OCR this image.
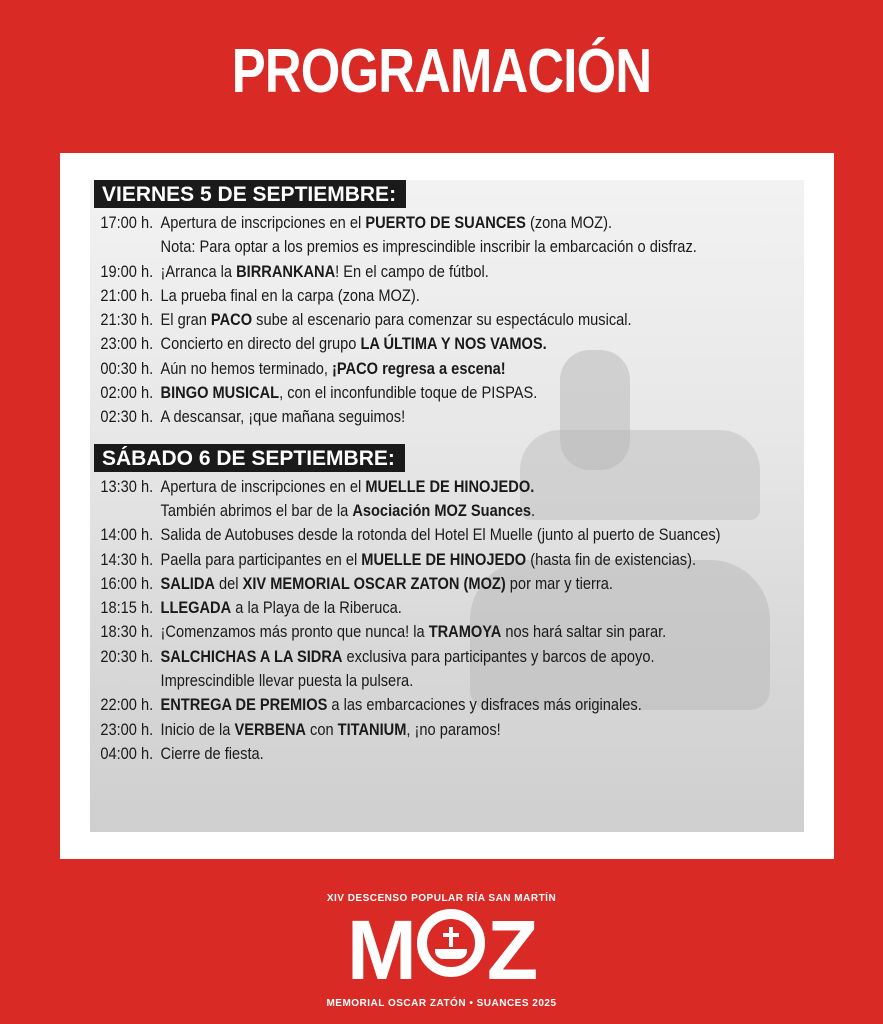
PROGRAMACIÓN
VIERNES 5 DE SEPTIEMBRE:
17:00 h. Apertura de inscripciones en el PUERTO DE SUANCES (zona MOZ).
Nota: Para optar a los premios es imprescindible inscribir la embarcación o disfraz.
19:00 h. ¡Arranca la BIRRANKANA! En el campo de fútbol.
21:00 h. La prueba final en la carpa (zona MOZ).
21:30 h. El gran PACO sube al escenario para comenzar su espectáculo musical.
23:00 h. Concierto en directo del grupo LA ÚLTIMA Y NOS VAMOS.
00:30 h. Aún no hemos terminado, ¡PACO regresa a escena!
02:00 h. BINGO MUSICAL, con el inconfundible toque de PISPAS.
02:30 h. A descansar, ¡que mañana seguimos!
SÁBADO 6 DE SEPTIEMBRE:
13:30 h. Apertura de inscripciones en el MUELLE DE HINOJEDO.
También abrimos el bar de la Asociación MOZ Suances.
14:00 h. Salida de Autobuses desde la rotonda del Hotel El Muelle (junto al puerto de Suances)
14:30 h. Paella para participantes en el MUELLE DE HINOJEDO (hasta fin de existencias).
16:00 h. SALIDA del XIV MEMORIAL OSCAR ZATON (MOZ) por mar y tierra.
18:15 h. LLEGADA a la Playa de la Riberuca.
18:30 h. ¡Comenzamos más pronto que nunca! la TRAMOYA nos hará saltar sin parar.
20:30 h. SALCHICHAS A LA SIDRA exclusiva para participantes y barcos de apoyo.
Imprescindible llevar puesta la pulsera.
22:00 h. ENTREGA DE PREMIOS a las embarcaciones y disfraces más originales.
23:00 h. Inicio de la VERBENA con TITANIUM, ¡no paramos!
04:00 h. Cierre de fiesta.
XIV DESCENSO POPULAR RÍA SAN MARTÍN
M Z
MEMORIAL OSCAR ZATÓN • SUANCES 2025
